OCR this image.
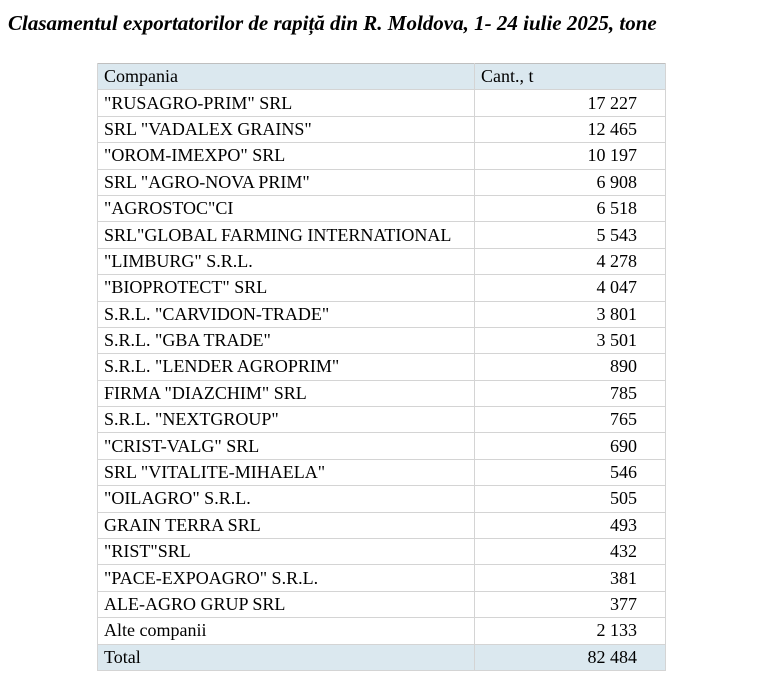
Clasamentul exportatorilor de rapiță din R. Moldova, 1- 24 iulie 2025, tone
Compania	Cant., t
"RUSAGRO-PRIM" SRL	17 227
SRL "VADALEX GRAINS"	12 465
"OROM-IMEXPO" SRL	10 197
SRL "AGRO-NOVA PRIM"	6 908
"AGROSTOC"CI	6 518
SRL"GLOBAL FARMING INTERNATIONAL	5 543
"LIMBURG" S.R.L.	4 278
"BIOPROTECT" SRL	4 047
S.R.L. "CARVIDON-TRADE"	3 801
S.R.L. "GBA TRADE"	3 501
S.R.L. "LENDER AGROPRIM"	890
FIRMA "DIAZCHIM" SRL	785
S.R.L. "NEXTGROUP"	765
"CRIST-VALG" SRL	690
SRL "VITALITE-MIHAELA"	546
"OILAGRO" S.R.L.	505
GRAIN TERRA SRL	493
"RIST"SRL	432
"PACE-EXPOAGRO" S.R.L.	381
ALE-AGRO GRUP SRL	377
Alte companii	2 133
Total	82 484
